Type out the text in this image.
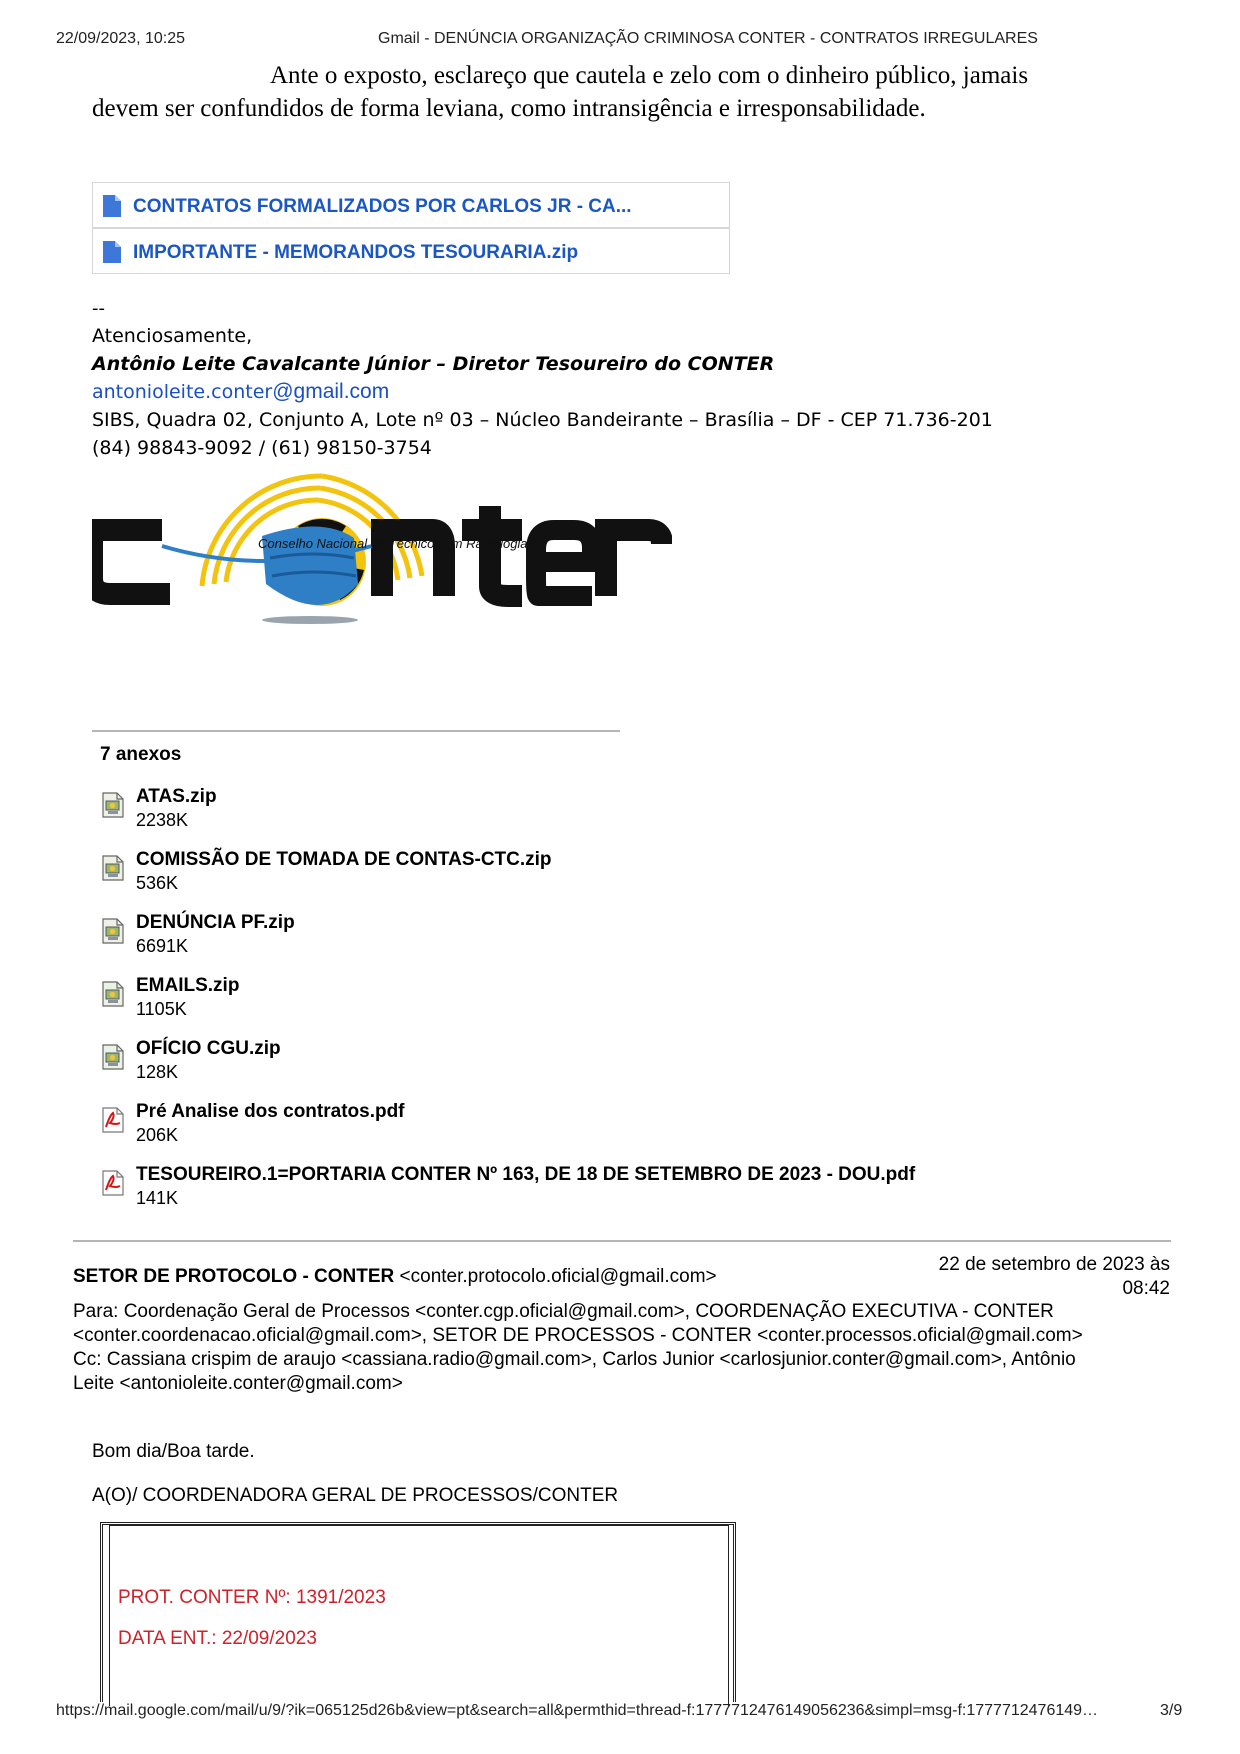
22/09/2023, 10:25	Gmail - DENÚNCIA ORGANIZAÇÃO CRIMINOSA CONTER - CONTRATOS IRREGULARES
Ante o exposto, esclareço que cautela e zelo com o dinheiro público, jamais
devem ser confundidos de forma leviana, como intransigência e irresponsabilidade.
CONTRATOS FORMALIZADOS POR CARLOS JR - CA...
IMPORTANTE - MEMORANDOS TESOURARIA.zip
--
Atenciosamente,
Antônio Leite Cavalcante Júnior – Diretor Tesoureiro do CONTER
antonioleite.conter@gmail.com
SIBS, Quadra 02, Conjunto A, Lote nº 03 – Núcleo Bandeirante – Brasília – DF - CEP 71.736-201
(84) 98843-9092 / (61) 98150-3754
Conselho Nacional de Técnicos em Radiologia
7 anexos
ATAS.zip
2238K
COMISSÃO DE TOMADA DE CONTAS-CTC.zip
536K
DENÚNCIA PF.zip
6691K
EMAILS.zip
1105K
OFÍCIO CGU.zip
128K
Pré Analise dos contratos.pdf
206K
TESOUREIRO.1=PORTARIA CONTER Nº 163, DE 18 DE SETEMBRO DE 2023 - DOU.pdf
141K
SETOR DE PROTOCOLO - CONTER <conter.protocolo.oficial@gmail.com>
22 de setembro de 2023 às
08:42
Para: Coordenação Geral de Processos <conter.cgp.oficial@gmail.com>, COORDENAÇÃO EXECUTIVA - CONTER
<conter.coordenacao.oficial@gmail.com>, SETOR DE PROCESSOS - CONTER <conter.processos.oficial@gmail.com>
Cc: Cassiana crispim de araujo <cassiana.radio@gmail.com>, Carlos Junior <carlosjunior.conter@gmail.com>, Antônio
Leite <antonioleite.conter@gmail.com>
Bom dia/Boa tarde.
A(O)/ COORDENADORA GERAL DE PROCESSOS/CONTER
PROT. CONTER Nº: 1391/2023
DATA ENT.: 22/09/2023
https://mail.google.com/mail/u/9/?ik=065125d26b&view=pt&search=all&permthid=thread-f:1777712476149056236&simpl=msg-f:1777712476149…	3/9
